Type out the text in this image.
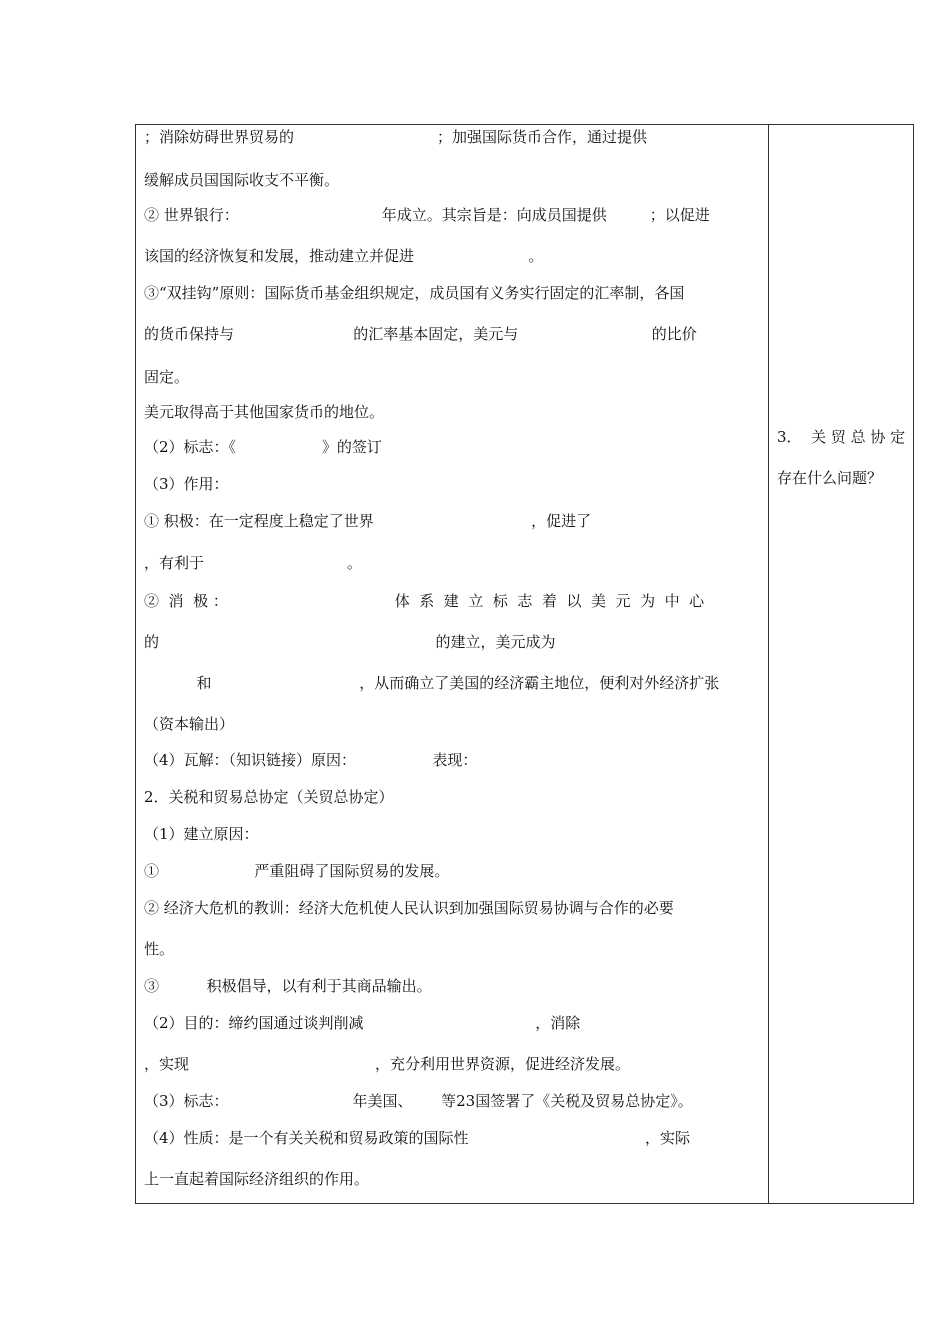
；消除妨碍世界贸易的                              ；加强国际货币合作，通过提供
缓解成员国国际收支不平衡。
② 世界银行：                              年成立。其宗旨是：向成员国提供         ；以促进
该国的经济恢复和发展，推动建立并促进                        。
③“双挂钩”原则：国际货币基金组织规定，成员国有义务实行固定的汇率制，各国
的货币保持与                         的汇率基本固定，美元与                            的比价
固定。
美元取得高于其他国家货币的地位。
（2）标志：《                  》的签订
（3）作用：
① 积极：在一定程度上稳定了世界                                 ，促进了
，有利于                              。
②  消  极 ：                                   体  系  建  立  标  志  着  以  美  元  为  中  心
的                                                          的建立，美元成为
和                               ，从而确立了美国的经济霸主地位，便利对外经济扩张
（资本输出）
（4）瓦解：（知识链接）原因：                表现：
2．关税和贸易总协定（关贸总协定）
（1）建立原因：
①                    严重阻碍了国际贸易的发展。
② 经济大危机的教训：经济大危机使人民认识到加强国际贸易协调与合作的必要
性。
③          积极倡导，以有利于其商品输出。
（2）目的：缔约国通过谈判削减                                    ，消除
，实现                                       ，充分利用世界资源，促进经济发展。
（3）标志：                          年美国、      等23国签署了《关税及贸易总协定》。
（4）性质：是一个有关关税和贸易政策的国际性                                     ，实际
上一直起着国际经济组织的作用。
3．  关 贸 总 协 定
存在什么问题？
